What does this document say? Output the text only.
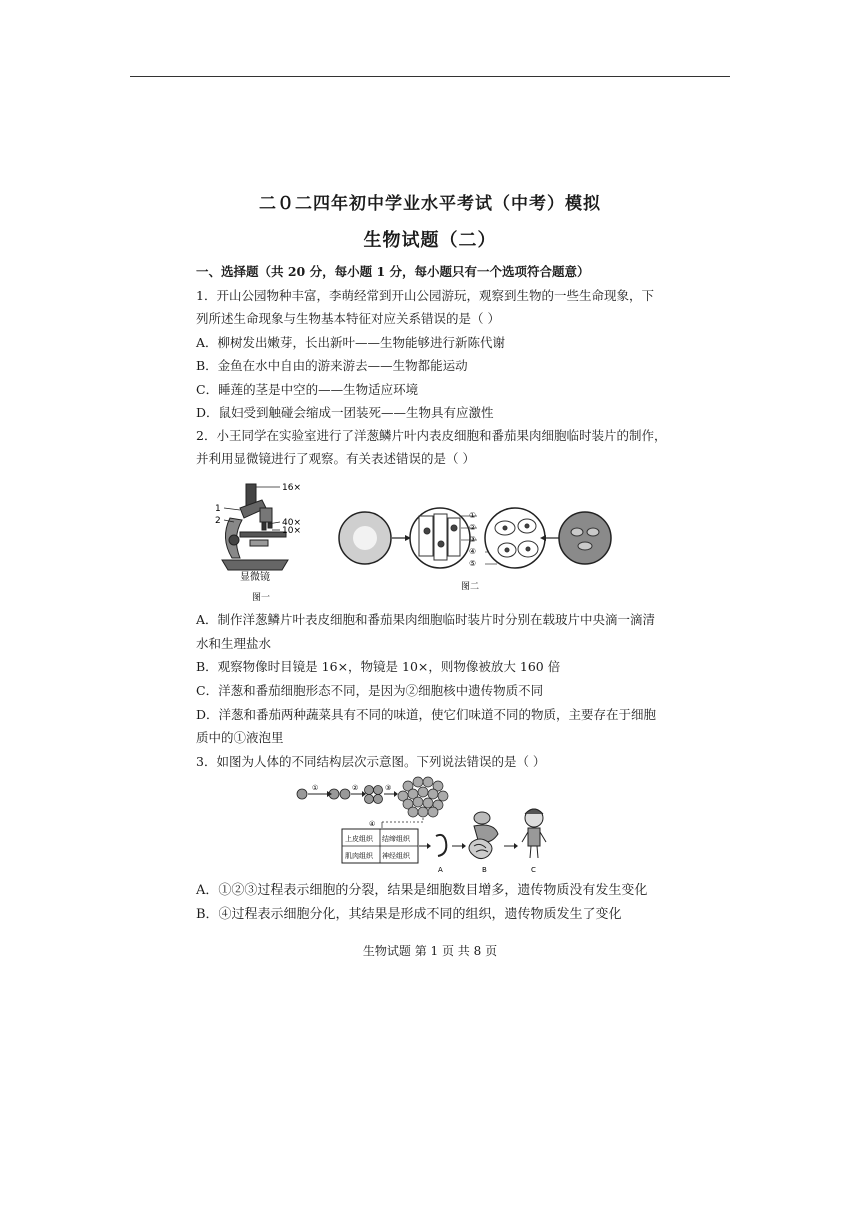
二０二四年初中学业水平考试（中考）模拟
生物试题（二）
一、选择题（共 20 分，每小题 1 分，每小题只有一个选项符合题意）
1．开山公园物种丰富，李萌经常到开山公园游玩，观察到生物的一些生命现象，下
列所述生命现象与生物基本特征对应关系错误的是（ ）
A．柳树发出嫩芽，长出新叶——生物能够进行新陈代谢
B．金鱼在水中自由的游来游去——生物都能运动
C．睡莲的茎是中空的——生物适应环境
D．鼠妇受到触碰会缩成一团装死——生物具有应激性
2．小王同学在实验室进行了洋葱鳞片叶内表皮细胞和番茄果肉细胞临时装片的制作，
并利用显微镜进行了观察。有关表述错误的是（ ）
16×
40×
10×
1
2
显微镜
图一
①
②
③
④
⑤
图二
A．制作洋葱鳞片叶表皮细胞和番茄果肉细胞临时装片时分别在载玻片中央滴一滴清
水和生理盐水
B．观察物像时目镜是 16×，物镜是 10×，则物像被放大 160 倍
C．洋葱和番茄细胞形态不同，是因为②细胞核中遗传物质不同
D．洋葱和番茄两种蔬菜具有不同的味道，使它们味道不同的物质，主要存在于细胞
质中的①液泡里
3．如图为人体的不同结构层次示意图。下列说法错误的是（ ）
①	②	③
④
上皮组织 结缔组织
肌肉组织 神经组织
A	B	C
A．①②③过程表示细胞的分裂，结果是细胞数目增多，遗传物质没有发生变化
B．④过程表示细胞分化，其结果是形成不同的组织，遗传物质发生了变化
生物试题 第 1 页 共 8 页
